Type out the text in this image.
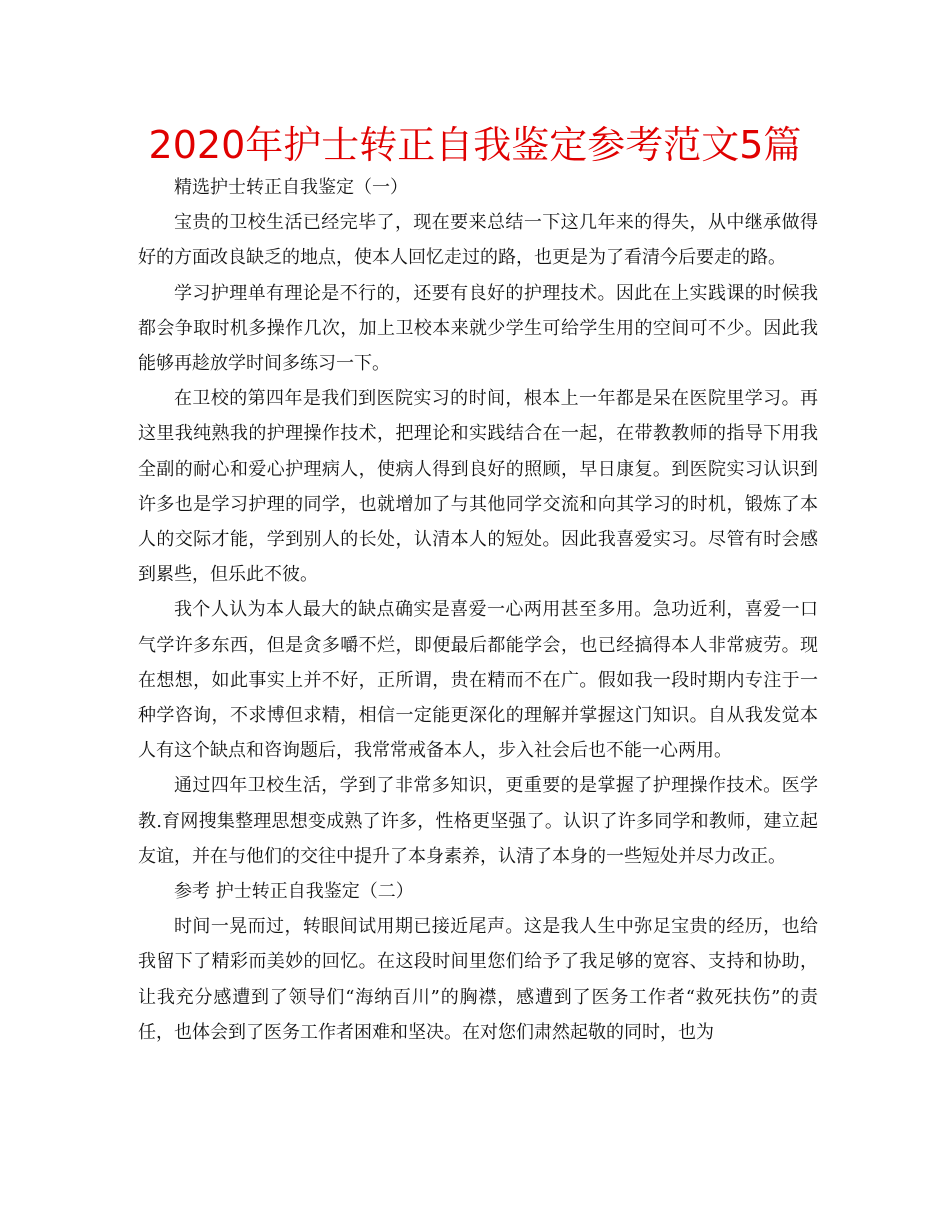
2020年护士转正自我鉴定参考范文5篇

精选护士转正自我鉴定（一）

宝贵的卫校生活已经完毕了，现在要来总结一下这几年来的得失，从中继承做得好的方面改良缺乏的地点，使本人回忆走过的路，也更是为了看清今后要走的路。

学习护理单有理论是不行的，还要有良好的护理技术。因此在上实践课的时候我都会争取时机多操作几次，加上卫校本来就少学生可给学生用的空间可不少。因此我能够再趁放学时间多练习一下。

在卫校的第四年是我们到医院实习的时间，根本上一年都是呆在医院里学习。再这里我纯熟我的护理操作技术，把理论和实践结合在一起，在带教教师的指导下用我全副的耐心和爱心护理病人，使病人得到良好的照顾，早日康复。到医院实习认识到许多也是学习护理的同学，也就增加了与其他同学交流和向其学习的时机，锻炼了本人的交际才能，学到别人的长处，认清本人的短处。因此我喜爱实习。尽管有时会感到累些，但乐此不彼。

我个人认为本人最大的缺点确实是喜爱一心两用甚至多用。急功近利，喜爱一口气学许多东西，但是贪多嚼不烂，即便最后都能学会，也已经搞得本人非常疲劳。现在想想，如此事实上并不好，正所谓，贵在精而不在广。假如我一段时期内专注于一种学咨询，不求博但求精，相信一定能更深化的理解并掌握这门知识。自从我发觉本人有这个缺点和咨询题后，我常常戒备本人，步入社会后也不能一心两用。

通过四年卫校生活，学到了非常多知识，更重要的是掌握了护理操作技术。医学教.育网搜集整理思想变成熟了许多，性格更坚强了。认识了许多同学和教师，建立起友谊，并在与他们的交往中提升了本身素养，认清了本身的一些短处并尽力改正。

参考 护士转正自我鉴定（二）

时间一晃而过，转眼间试用期已接近尾声。这是我人生中弥足宝贵的经历，也给我留下了精彩而美妙的回忆。在这段时间里您们给予了我足够的宽容、支持和协助，让我充分感遭到了领导们“海纳百川”的胸襟，感遭到了医务工作者“救死扶伤”的责任，也体会到了医务工作者困难和坚决。在对您们肃然起敬的同时，也为
